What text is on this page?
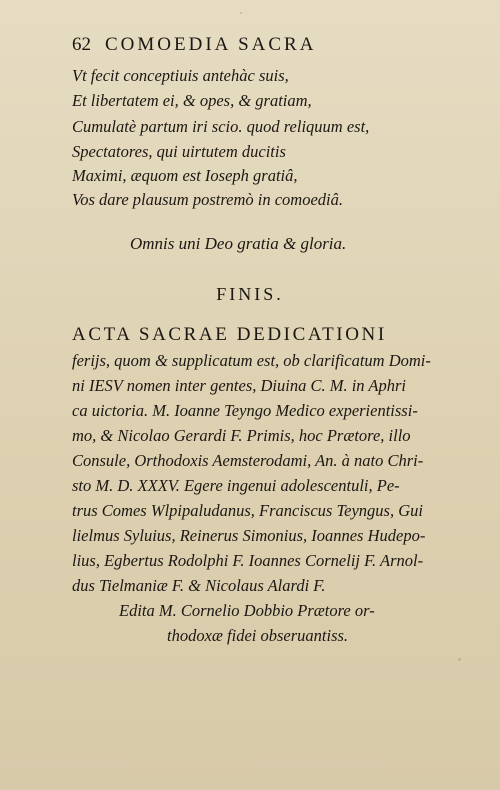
62 COMOEDIA SACRA
Vt fecit conceptiuis antehàc suis,
Et libertatem ei, & opes, & gratiam,
Cumulatè partum iri scio. quod reliquum est,
Spectatores, qui uirtutem ducitis
Maximi, æquom est Ioseph gratiâ,
Vos dare plausum postremò in comoediâ.
Omnis uni Deo gratia & gloria.
FINIS.
ACTA SACRAE DEDICATIONI
ferijs, quom & supplicatum est, ob clarificatum Domi-
ni IESV nomen inter gentes, Diuina C. M. in Aphri
ca uictoria. M. Ioanne Teyngo Medico experientissi-
mo, & Nicolao Gerardi F. Primis, hoc Prætore, illo
Consule, Orthodoxis Aemsterodami, An. à nato Chri-
sto M. D. XXXV. Egere ingenui adolescentuli, Pe-
trus Comes Wlpipaludanus, Franciscus Teyngus, Gui
lielmus Syluius, Reinerus Simonius, Ioannes Hudepo-
lius, Egbertus Rodolphi F. Ioannes Cornelij F. Arnol-
dus Tielmaniæ F. & Nicolaus Alardi F.
Edita M. Cornelio Dobbio Prætore or-
thodoxæ fidei obseruantiss.
